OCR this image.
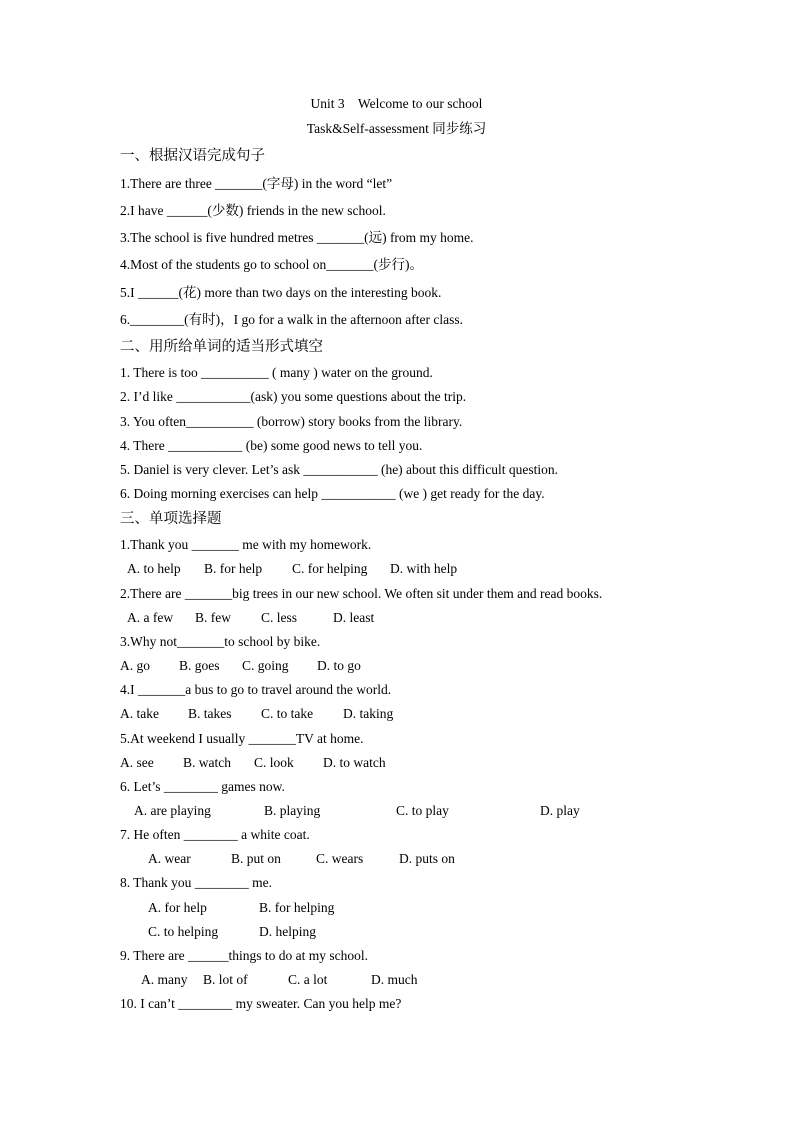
Unit 3    Welcome to our school
Task&Self-assessment 同步练习
一、根据汉语完成句子
1.There are three _______(字母) in the word “let”
2.I have ______(少数) friends in the new school.
3.The school is five hundred metres _______(远) from my home.
4.Most of the students go to school on_______(步行)。
5.I ______(花) more than two days on the interesting book.
6.________(有时)，I go for a walk in the afternoon after class.
二、用所给单词的适当形式填空
1. There is too __________ ( many ) water on the ground.
2. I’d like ___________(ask) you some questions about the trip.
3. You often__________ (borrow) story books from the library.
4. There ___________ (be) some good news to tell you.
5. Daniel is very clever. Let’s ask ___________ (he) about this difficult question.
6. Doing morning exercises can help ___________ (we ) get ready for the day.
三、单项选择题
1.Thank you _______ me with my homework.
A. to help B. for help C. for helping D. with help
2.There are _______big trees in our new school. We often sit under them and read books.
A. a few B. few C. less	D. least
3.Why not_______to school by bike.
A. go B. goes C. going D. to go
4.I _______a bus to go to travel around the world.
A. take B. takes C. to take D. taking
5.At weekend I usually _______TV at home.
A. see B. watch C. look D. to watch
6. Let’s ________ games now.
A. are playing	B. playing	C. to play	D. play
7. He often ________ a white coat.
A. wear	B. put on	C. wears	D. puts on
8. Thank you ________ me.
A. for help	B. for helping
C. to helping	D. helping
9. There are ______things to do at my school.
A. many B. lot of	C. a lot	D. much
10. I can’t ________ my sweater. Can you help me?
